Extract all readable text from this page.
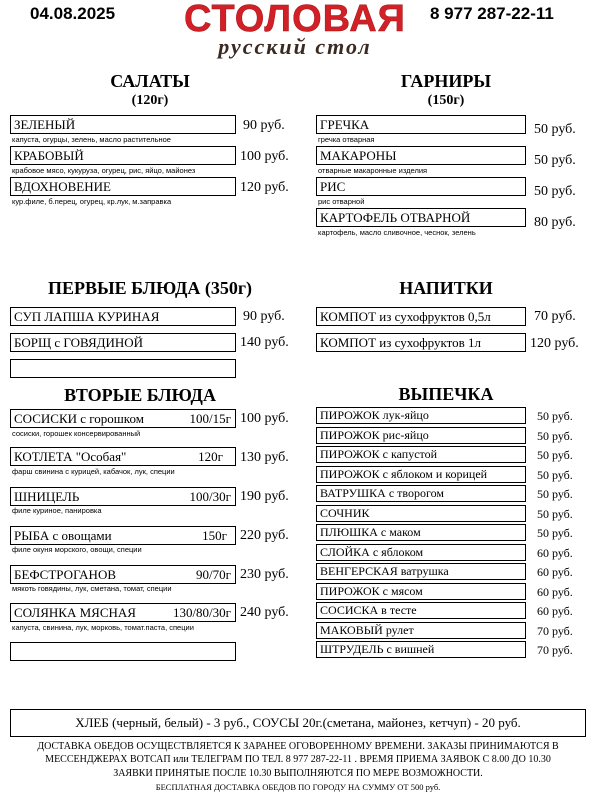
04.08.2025 СТОЛОВАЯ
русский стол
8 977 287-22-11
САЛАТЫ
(120г)
ЗЕЛЕНЫЙ	90 руб.
капуста, огурцы, зелень, масло растительное
КРАБОВЫЙ	100 руб.
крабовое мясо, кукуруза, огурец, рис, яйцо, майонез
ВДОХНОВЕНИЕ	120 руб.
кур.филе, б.перец, огурец, кр.лук, м.заправка
ГАРНИРЫ
(150г)
ГРЕЧКА	50 руб.
гречка отварная
МАКАРОНЫ	50 руб.
отварные макаронные изделия
РИС	50 руб.
рис отварной
КАРТОФЕЛЬ ОТВАРНОЙ	80 руб.
картофель, масло сливочное, чеснок, зелень
ПЕРВЫЕ БЛЮДА (350г)
СУП ЛАПША КУРИНАЯ	90 руб.
БОРЩ с ГОВЯДИНОЙ	140 руб.
НАПИТКИ
КОМПОТ из сухофруктов 0,5л	70 руб.
КОМПОТ из сухофруктов 1л	120 руб.
ВТОРЫЕ БЛЮДА
СОСИСКИ с горошком	100/15г 100 руб.
сосиски, горошек консервированный
КОТЛЕТА "Особая"	120г 130 руб.
фарш свинина с курицей, кабачок, лук, специи
ШНИЦЕЛЬ	100/30г 190 руб.
филе куриное, панировка
РЫБА с овощами	150г 220 руб.
филе окуня морского, овощи, специи
БЕФСТРОГАНОВ	90/70г 230 руб.
мякоть говядины, лук, сметана, томат, специи
СОЛЯНКА МЯСНАЯ	130/80/30г 240 руб.
капуста, свинина, лук, морковь, томат.паста, специи
ВЫПЕЧКА
ПИРОЖОК лук-яйцо	50 руб.
ПИРОЖОК рис-яйцо	50 руб.
ПИРОЖОК с капустой	50 руб.
ПИРОЖОК с яблоком и корицей	50 руб.
ВАТРУШКА с творогом	50 руб.
СОЧНИК	50 руб.
ПЛЮШКА с маком	50 руб.
СЛОЙКА с яблоком	60 руб.
ВЕНГЕРСКАЯ ватрушка	60 руб.
ПИРОЖОК с мясом	60 руб.
СОСИСКА в тесте	60 руб.
МАКОВЫЙ рулет	70 руб.
ШТРУДЕЛЬ с вишней	70 руб.
ХЛЕБ (черный, белый) - 3 руб., СОУСЫ 20г.(сметана, майонез, кетчуп) - 20 руб.
ДОСТАВКА ОБЕДОВ ОСУЩЕСТВЛЯЕТСЯ К ЗАРАНЕЕ ОГОВОРЕННОМУ ВРЕМЕНИ. ЗАКАЗЫ ПРИНИМАЮТСЯ В
МЕССЕНДЖЕРАХ ВОТСАП или ТЕЛЕГРАМ ПО ТЕЛ. 8 977 287-22-11 . ВРЕМЯ ПРИЕМА ЗАЯВОК С 8.00 ДО 10.30
ЗАЯВКИ ПРИНЯТЫЕ ПОСЛЕ 10.30 ВЫПОЛНЯЮТСЯ ПО МЕРЕ ВОЗМОЖНОСТИ.
БЕСПЛАТНАЯ ДОСТАВКА ОБЕДОВ ПО ГОРОДУ НА СУММУ ОТ 500 руб.
